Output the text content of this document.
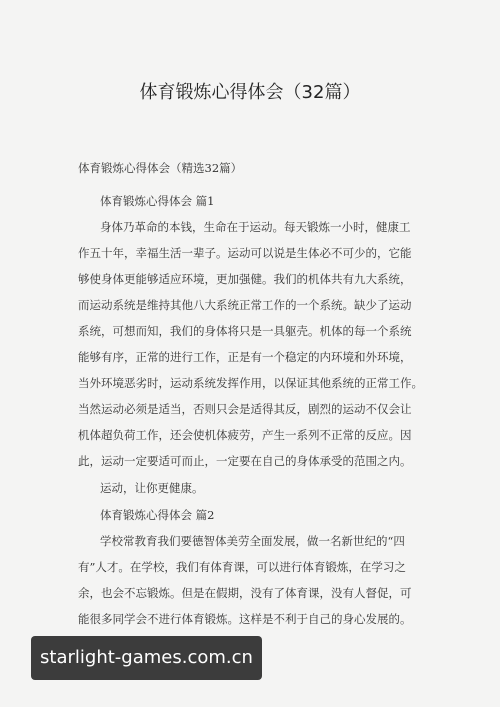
体育锻炼心得体会（32篇）
体育锻炼心得体会（精选32篇）
体育锻炼心得体会 篇1
身体乃革命的本钱，生命在于运动。每天锻炼一小时，健康工
作五十年，幸福生活一辈子。运动可以说是生体必不可少的，它能
够使身体更能够适应环境，更加强健。我们的机体共有九大系统，
而运动系统是维持其他八大系统正常工作的一个系统。缺少了运动
系统，可想而知，我们的身体将只是一具躯壳。机体的每一个系统
能够有序，正常的进行工作，正是有一个稳定的内环境和外环境，
当外环境恶劣时，运动系统发挥作用，以保证其他系统的正常工作。
当然运动必须是适当，否则只会是适得其反，剧烈的运动不仅会让
机体超负荷工作，还会使机体疲劳，产生一系列不正常的反应。因
此，运动一定要适可而止，一定要在自己的身体承受的范围之内。
运动，让你更健康。
体育锻炼心得体会 篇2
学校常教育我们要德智体美劳全面发展，做一名新世纪的“四
有”人才。在学校，我们有体育课，可以进行体育锻炼，在学习之
余，也会不忘锻炼。但是在假期，没有了体育课，没有人督促，可
能很多同学会不进行体育锻炼。这样是不利于自己的身心发展的。
starlight-games.com.cn
